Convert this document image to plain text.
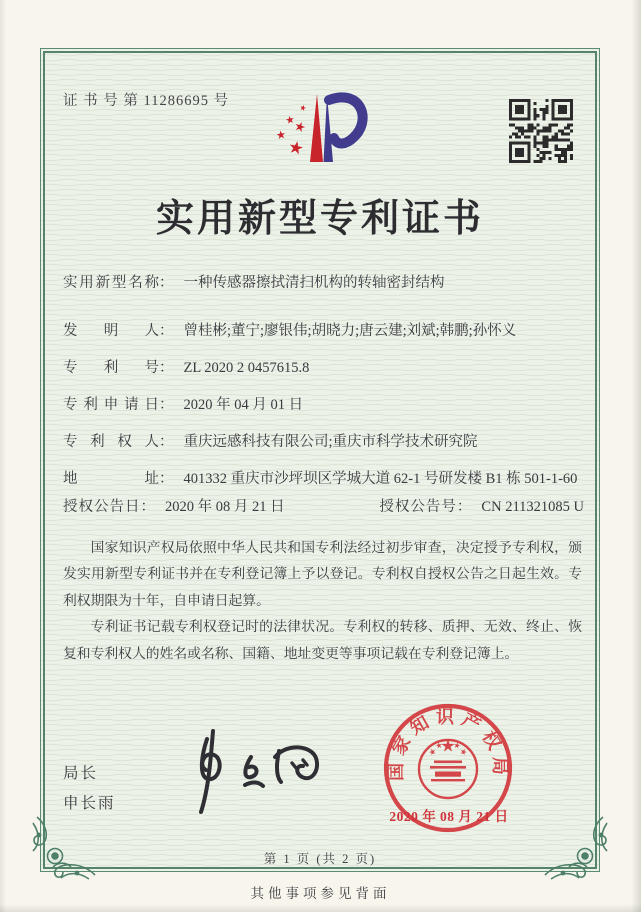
证 书 号 第 11286695 号
实用新型专利证书
实用新型名称 ： 一种传感器擦拭清扫机构的转轴密封结构
发明人 ： 曾桂彬;董宁;廖银伟;胡晓力;唐云建;刘斌;韩鹏;孙怀义
专利号 ： ZL 2020 2 0457615.8
专利申请日 ： 2020 年 04 月 01 日
专利权人 ： 重庆远感科技有限公司;重庆市科学技术研究院
地址 ： 401332 重庆市沙坪坝区学城大道 62-1 号研发楼 B1 栋 501-1-60
授权公告日 ： 2020 年 08 月 21 日	授权公告号 ： CN 211321085 U

国家知识产权局依照中华人民共和国专利法经过初步审查，决定授予专利权，颁发实用新型专利证书并在专利登记簿上予以登记。专利权自授权公告之日起生效。专利权期限为十年，自申请日起算。

专利证书记载专利权登记时的法律状况。专利权的转移、质押、无效、终止、恢复和专利权人的姓名或名称、国籍、地址变更等事项记载在专利登记簿上。

局长
申长雨
国家知识产权局
2020 年 08 月 21 日
第 1 页 (共 2 页)
其他事项参见背面
